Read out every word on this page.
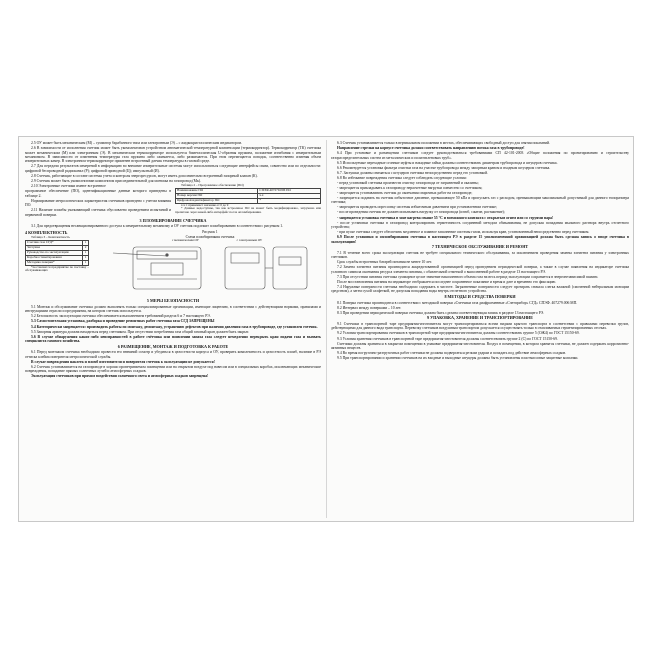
2.5 ОУ может быть механическим (М) – сумматор барабанного типа или электронным (Э) – с жидкокристаллическим индикатором.

2.6 В зависимости от исполнения счетчик может быть укомплектован устройством автоматической температурной компенсации (термокорректор). Термокорректор (ТК) счетчика может механическим (М) или электронным (Э). В механическом термокорректоре используется биметаллическая U-образная пружина, положение изгибания с измерительным механизмом. В зависимости от изменения температуры газа пружина либо сжимается, либо разжимается. При этом перемещается поводок, соответственно изменяя объем измерительных камер. В электронном термокорректоре применен встроенный датчик температуры в газовой среде.

2.7 Для передачи результатов измерений в информацию во внешние измерительные системы могут использоваться следующие интерфейсы связи, совместно или по отдельности: цифровой беспроводной радиоканал (Р); цифровой проводной (Ц); импульсный (И).

2.8 Счетчик, работающие в составе системы учета и контроля энергоресурсов, могут иметь дополнительно встроенный запорный клапан (К).

2.9 Счетчик может быть укомплектован комплектом присоединительной для монтажа на газопровод (Мк).

2.10 Электронные счетчики имеют встроенное

программное обеспечение (ПО), идентификационные данные которого приведены в таблице 2.

Нормирование метрологических характеристик счетчиков проведено с учетом влияния ПО.

2.11 Наличие пломбы указывающий счетчика обусловлено проведением испытаний и первичной поверки.

Таблица 2 – Программное обеспечение (ПО)

Наименование ПО	СПЭФ.407279.006 ПО
Номер версии ПО	x.x
Цифровой идентификатор ПО	*

x.x ≥ принимает значение от 0 до 9

* Данные недоступны, так как встроенное ПО не может быть модифицировано, загружено или прочитано через какой-либо интерфейс после опломбирования.

3 ПЛОМБИРОВАНИЕ СЧЕТЧИКА

3.1 Для предотвращения несанкционированного доступа к измерительному механизму и ОУ счетчик подлежит пломбированию в соответствии с рисунком 1.

4 КОМПЛЕКТНОСТЬ

Таблица 3 – Комплектность

Счетчик газа СГД*	1
Заглушка	2
Руководство по эксплуатации	1
Коробка гпакетирования	1
Методика поверки*	1

*поставляется предприятие по поставку – обслуживающих

Рисунок 1

Схема пломбирования счетчика

с механическим ОУ	с электронным ОУ
5 МЕРЫ БЕЗОПАСНОСТИ

5.1 Монтаж и обслуживание счетчика должно выполнять только специализированные организации, имеющие лицензию, в соответствии с действующими нормами, правилами и инструкциями отрасли и предприятия, на котором счетчик используется.

5.2 Безопасность эксплуатации счетчика обеспечивается выполнением требований раздела 6 и 7 настоящего РЭ.

5.3 Самостоятельная установка, разборка и проведение ремонтных работ счетчика газа СГД ЗАПРЕЩЕНЫ

5.4 Категорически запрещается: производить работы по монтажу, демонтажу, устранению дефектов при наличии давления газа в трубопроводе, где установлен счетчик.

5.5 Запорная арматура должна находиться перед счетчиком. При отсутствии потребления газа общий газовый кран должен быть закрыт.

5.6 В случае обнаружения каких-либо неисправностей в работе счётчика или появлении запаха газа следует немедленно перекрыть кран подачи газа и вызвать специалиста газового хозяйства.

6 РАЗМЕЩЕНИЕ, МОНТАЖ И ПОДГОТОВКА К РАБОТЕ

6.1 Перед монтажом счетчика необходимо провести его внешний осмотр и убедиться в целостности корпуса и ОУ, проверить комплектность и целостность пломб, наличие в РЭ оттиска клейма поверителя метрологической службы.

В случае повреждения наклеек и пломб изготовителя и поверителя счетчик к эксплуатации не допускается!

6.2 Счетчик устанавливается на газопроводе в хорошо проветриваемом помещении или на открытом воздухе под навесом или в специальных коробах, исключающих механические повреждения, попадание прямых солнечных лучей и атмосферных осадков.

Эксплуатация счетчиков при прямом воздействии солнечного света и атмосферных осадков запрещена!

6.3 Счетчик устанавливается только в вертикальном положении в местах, обеспечивающих свободный доступ для снятия показаний.

Направление стрелки на корпусе счетчика должно соответствовать направлению потока газа в трубопроводе!

6.4 При установке и размещении счетчиков следует руководствоваться требованиями СП 42-101-2003 «Общие положения по проектированию и строительству газораспределительных систем из металлических и полиэтиленовых труб».

6.5 Используемые переходные сгонные муфты и накидные гайки должны соответствовать диаметрам трубопровода и штуцеров счетчика.

6.6 Рекомендуется установка фильтра очистки газа на участке трубопровода между запорным краном и входным штуцером счетчика.

6.7. Заглушки должны сниматься с штуцеров счетчика непосредственно перед его установкой.

6.8 Во избежание повреждения счетчика следует соблюдать следующие условия:

- перед установкой счетчика произвести очистку газопровода от загрязнений и окалины;

- запрещается прикладывать к газопроводу нерасчетные нагрузки совместно со счетчиком;

- запрещается устанавливать счетчик до окончания сварочных работ на газопроводе;

- запрещается подавать на счетчик избыточное давление, превышающее 50 кПа и пропускать газ с расходом, превышающим максимальный допустимый для данного типоразмера счетчика;

- запрещается проводить опрессовку системы избыточным давлением при установленном счетчике;

- после проведения счетчик не должен испытывать нагрузку от газопровода (изгиб, сжатие, растяжение);

- запрещается установка счетчика в зоне нагрева свыше 55 °С и возможного контакта с открытым огнем или со струями пара!

- после установки счетчика в газопровод контролировать герметичность соединений методом обмыливания, не допуская попадания мыльного раствора внутрь отсчетного устройства;

- при пуске счетчика следует обеспечить медленное и плавное заполнение системы газом, используя кран, установленный непосредственно перед счетчиком.

6.9 После установки и опломбирования счетчика в настоящем РЭ в разделе 15 уполномоченной организацией должна быть сделана запись о вводе счетчика в эксплуатацию!

7 ТЕХНИЧЕСКОЕ ОБСЛУЖИВАНИЕ И РЕМОНТ

7.1 В течение всего срока эксплуатации счетчик не требует специального технического обслуживания, за исключением проведения замены элемента питания у электронных счетчиков.

Срок службы встроенных батарей питания не менее 10 лет.

7.2 Замена элемента питания производится аккредитованной организацией перед проведением периодической поверки, а также в случае появления на индикаторе счетчика условного символа окончания ресурса элемента питания, с обязательной отметкой о выполненной работе в разделе 13 настоящего РЭ.

7.3 При отсутствии питания счетчика суммарное целое значение накопленного объема газа на весь период эксплуатации сохраняется в энергонезависимой памяти.

После восстановления питания на индикаторе отображается последнее сохраненное показание и время и дате и временно его фиксацию.

7.4 Наружные поверхности счетчика необходимо содержать в чистоте. Загрязненные поверхности следует протирать сначала слегка влажной (смоченной нейтральным моющим средством), а затем сухой салфеткой, не допуская попадания воды внутрь отсчетного устройства.

8 МЕТОДЫ И СРЕДСТВА ПОВЕРКИ

8.1 Поверка счетчика производится в соответствии с методикой поверки «Счетчики газа диафрагменные «Счетприбор» СГД» СПЭФ. 407279.006 МП.

8.2 Интервал между поверками – 10 лет.

8.3 При проведении периодической поверки счетчика должна быть сделана соответствующая запись в разделе 13 настоящего РЭ.

9 УПАКОВКА, ХРАНЕНИЕ И ТРАНСПОРТИРОВАНИЕ

9.1 Счетчики в транспортной таре предприятия-изготовителя могут транспортироваться всеми видами крытого транспорта в соответствии с правилами перевозки грузов, действующими для данного вида транспорта. Перевозку счетчиков воздушным транспортом допускается осуществлять только в отапливаемых герметизированных отсеках.

9.2 Условия транспортирования счетчиков в транспортной таре предприятия-изготовителя должны соответствовать группе 5 (ОЖ4) по ГОСТ 15150-69.

9.3 Условия хранения счетчиков в транспортной таре предприятия-изготовителя должны соответствовать группе 2 (С) по ГОСТ 15150-69.

Счетчики должны храниться в закрытом помещении в упаковке предприятия-изготовителя. Воздух в помещении, в котором хранятся счетчики, не должен содержать коррозионно-активных веществ.

9.4 Во время погрузочно-разгрузочных работ счетчики не должны подвергаться резким ударам и попадать под действие атмосферных осадков.

9.5 При транспортировании и хранении счетчиков на их входные и выходные штуцеры должны быть установлены пластмассовые защитные колпачки.
